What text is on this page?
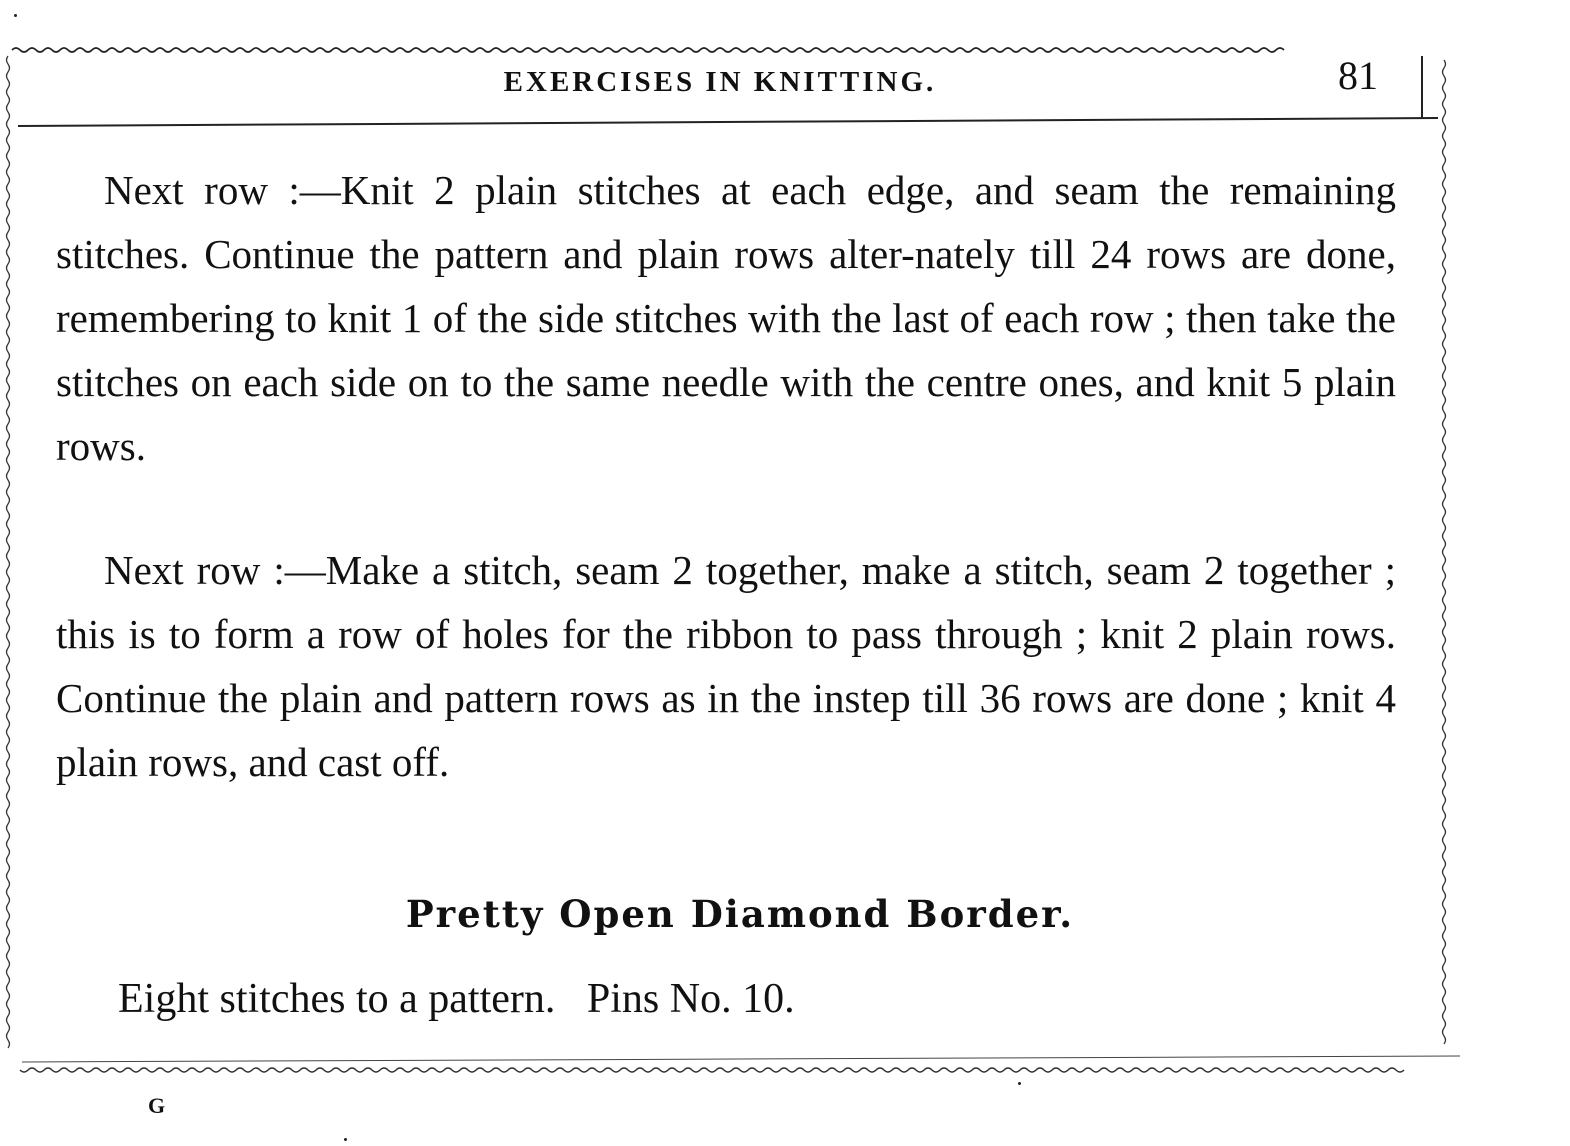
EXERCISES IN KNITTING.	81
Next row :—Knit 2 plain stitches at each edge, and seam the remaining stitches. Continue the pattern and plain rows alter-nately till 24 rows are done, remembering to knit 1 of the side stitches with the last of each row ; then take the stitches on each side on to the same needle with the centre ones, and knit 5 plain rows.
Next row :—Make a stitch, seam 2 together, make a stitch, seam 2 together ; this is to form a row of holes for the ribbon to pass through ; knit 2 plain rows. Continue the plain and pattern rows as in the instep till 36 rows are done ; knit 4 plain rows, and cast off.
Pretty Open Diamond Border.
Eight stitches to a pattern.   Pins No. 10.
G
